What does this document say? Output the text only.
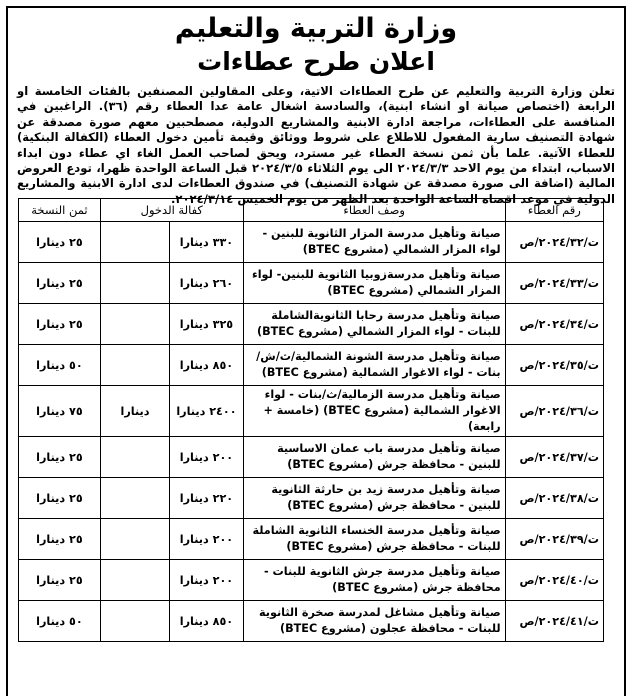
وزارة التربية والتعليم
اعلان طرح عطاءات
تعلن وزارة التربية والتعليم عن طرح العطاءات الاتية، وعلى المقاولين المصنفين بالفئات الخامسة او الرابعة (اختصاص صيانة او انشاء ابنية)، والسادسة اشغال عامة عدا العطاء رقم (٣٦). الراغبين في المنافسة على العطاءات، مراجعة ادارة الابنية والمشاريع الدولية، مصطحبين معهم صورة مصدقة عن شهادة التصنيف سارية المفعول للاطلاع على شروط ووثائق وقيمة تأمين دخول العطاء (الكفالة البنكية) للعطاء الآتية. علما بأن ثمن نسخة العطاء غير مسترد، ويحق لصاحب العمل الغاء اي عطاء دون ابداء الاسباب، ابتداء من يوم الاحد ٢٠٢٤/٣/٣ الى يوم الثلاثاء ٢٠٢٤/٣/٥ قبل الساعة الواحدة ظهرا، تودع العروض المالية (اضافة الى صورة مصدقة عن شهادة التصنيف) في صندوق العطاءات لدى ادارة الابنية والمشاريع الدولية في موعد اقصاه الساعة الواحدة بعد الظهر من يوم الخميس ٢٠٢٤/٣/١٤.
رقم العطاء	وصف العطاء	كفالة الدخول		ثمن النسخة
ت/٢٠٢٤/٣٢/ص	صيانة وتأهيل مدرسة المزار الثانوية للبنين - لواء المزار الشمالي (مشروع BTEC)	٣٣٠ دينارا		٢٥ دينارا
ت/٢٠٢٤/٣٣/ص	صيانة وتأهيل مدرسةزوبيا الثانوية للبنين- لواء المزار الشمالي (مشروع BTEC)	٢٦٠ دينارا		٢٥ دينارا
ت/٢٠٢٤/٣٤/ص	صيانة وتأهيل مدرسة رحابا الثانويةالشاملة للبنات - لواء المزار الشمالي (مشروع BTEC)	٣٢٥ دينارا		٢٥ دينارا
ت/٢٠٢٤/٣٥/ص	صيانة وتأهيل مدرسة الشونة الشمالية/ث/ش/بنات - لواء الاغوار الشمالية (مشروع BTEC)	٨٥٠ دينارا		٥٠ دينارا
ت/٢٠٢٤/٣٦/ص	صيانة وتأهيل مدرسة الزمالية/ث/بنات - لواء الاغوار الشمالية (مشروع BTEC) (خامسة + رابعة)	٢٤٠٠ دينارا	دينارا	٧٥ دينارا
ت/٢٠٢٤/٣٧/ص	صيانة وتأهيل مدرسة باب عمان الاساسية للبنين - محافظة جرش (مشروع BTEC)	٢٠٠ دينارا		٢٥ دينارا
ت/٢٠٢٤/٣٨/ص	صيانة وتأهيل مدرسة زيد بن حارثة الثانوية للبنين - محافظة جرش (مشروع BTEC)	٢٢٠ دينارا		٢٥ دينارا
ت/٢٠٢٤/٣٩/ص	صيانة وتأهيل مدرسة الخنساء الثانوية الشاملة للبنات - محافظة جرش (مشروع BTEC)	٢٠٠ دينارا		٢٥ دينارا
ت/٢٠٢٤/٤٠/ص	صيانة وتأهيل مدرسة جرش الثانوية للبنات - محافظة جرش (مشروع BTEC)	٢٠٠ دينارا		٢٥ دينارا
ت/٢٠٢٤/٤١/ص	صيانة وتأهيل مشاغل لمدرسة صخرة الثانوية للبنات - محافظة عجلون (مشروع BTEC)	٨٥٠ دينارا		٥٠ دينارا
